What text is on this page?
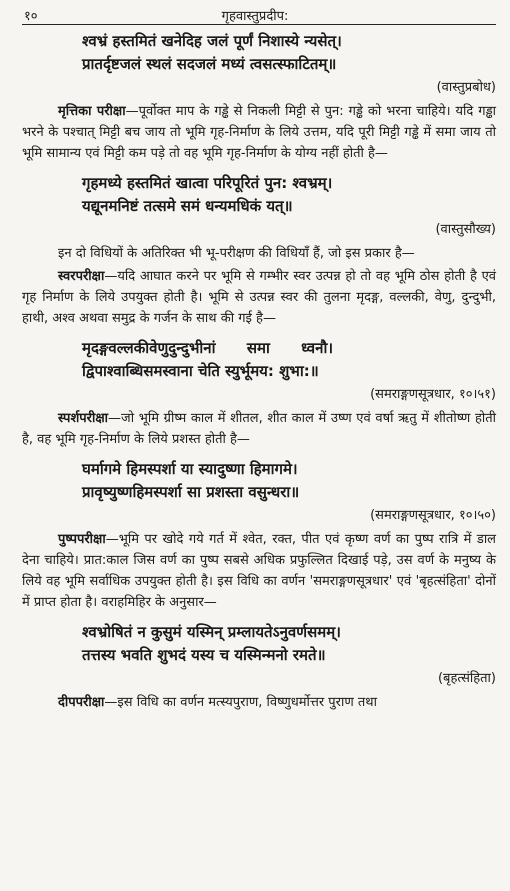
१०	गृहवास्तुप्रदीप:
श्वभ्रं हस्तमितं खनेदिह जलं पूर्णं निशास्ये न्यसेत्।
प्रातर्दृष्टजलं स्थलं सदजलं मध्यं त्वसत्स्फाटितम्॥
(वास्तुप्रबोध)

मृत्तिका परीक्षा—पूर्वोक्त माप के गड्ढे से निकली मिट्टी से पुन: गड्ढे को भरना चाहिये। यदि गड्ढा भरने के पश्चात् मिट्टी बच जाय तो भूमि गृह-निर्माण के लिये उत्तम, यदि पूरी मिट्टी गड्ढे में समा जाय तो भूमि सामान्य एवं मिट्टी कम पड़े तो वह भूमि गृह-निर्माण के योग्य नहीं होती है—

गृहमध्ये हस्तमितं खात्वा परिपूरितं पुन: श्वभ्रम्।
यद्यूनमनिष्टं तत्समे समं धन्यमधिकं यत्॥
(वास्तुसौख्य)

इन दो विधियों के अतिरिक्त भी भू-परीक्षण की विधियाँ हैं, जो इस प्रकार है—

स्वरपरीक्षा—यदि आघात करने पर भूमि से गम्भीर स्वर उत्पन्न हो तो वह भूमि ठोस होती है एवं गृह निर्माण के लिये उपयुक्त होती है। भूमि से उत्पन्न स्वर की तुलना मृदङ्ग, वल्लकी, वेणु, दुन्दुभी, हाथी, अश्व अथवा समुद्र के गर्जन के साथ की गई है—

मृदङ्गवल्लकीवेणुदुन्दुभीनां      समा      ध्वनौ।
द्विपाश्वाब्धिसमस्वाना चेति स्युर्भूमय: शुभा:॥
(समराङ्गणसूत्रधार, १०।५१)

स्पर्शपरीक्षा—जो भूमि ग्रीष्म काल में शीतल, शीत काल में उष्ण एवं वर्षा ऋतु में शीतोष्ण होती है, वह भूमि गृह-निर्माण के लिये प्रशस्त होती है—

घर्मागमे हिमस्पर्शा या स्यादुष्णा हिमागमे।
प्रावृष्युष्णहिमस्पर्शा सा प्रशस्ता वसुन्धरा॥
(समराङ्गणसूत्रधार, १०।५०)

पुष्पपरीक्षा—भूमि पर खोदे गये गर्त में श्वेत, रक्त, पीत एवं कृष्ण वर्ण का पुष्प रात्रि में डाल देना चाहिये। प्रात:काल जिस वर्ण का पुष्प सबसे अधिक प्रफुल्लित दिखाई पड़े, उस वर्ण के मनुष्य के लिये वह भूमि सर्वाधिक उपयुक्त होती है। इस विधि का वर्णन 'समराङ्गणसूत्रधार' एवं 'बृहत्संहिता' दोनों में प्राप्त होता है। वराहमिहिर के अनुसार—

श्वभ्रोषितं न कुसुमं यस्मिन् प्रम्लायतेऽनुवर्णसमम्।
तत्तस्य भवति शुभदं यस्य च यस्मिन्मनो रमते॥
(बृहत्संहिता)

दीपपरीक्षा—इस विधि का वर्णन मत्स्यपुराण, विष्णुधर्मोत्तर पुराण तथा
